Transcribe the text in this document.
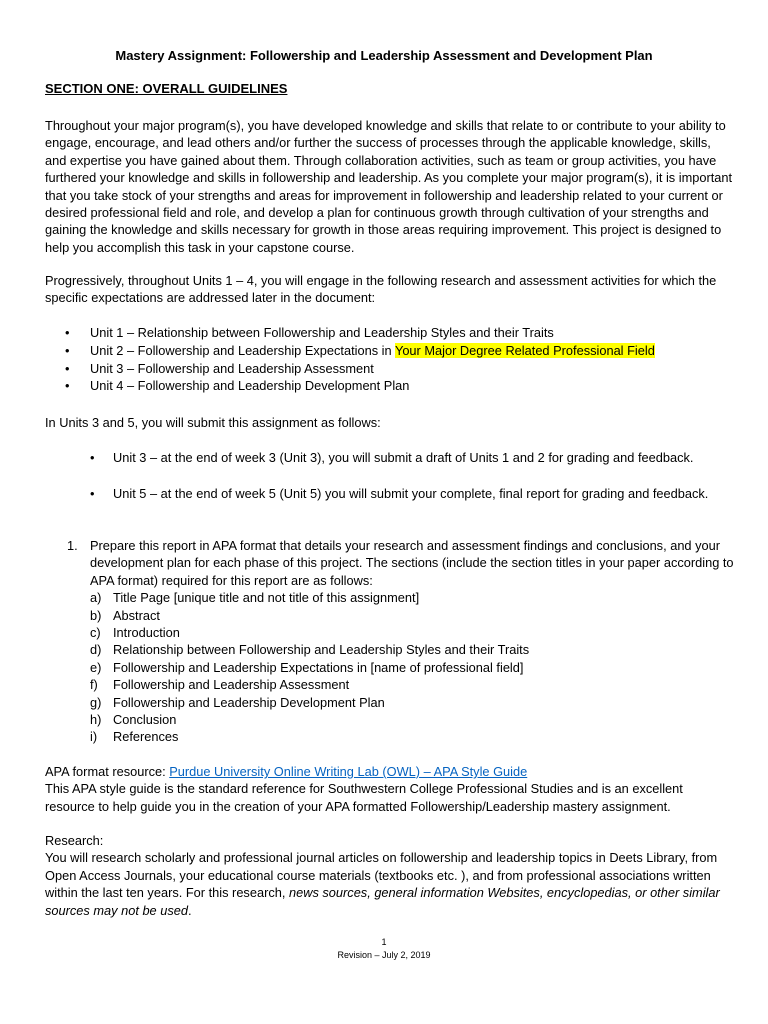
Mastery Assignment: Followership and Leadership Assessment and Development Plan
SECTION ONE: OVERALL GUIDELINES
Throughout your major program(s), you have developed knowledge and skills that relate to or contribute to your ability to engage, encourage, and lead others and/or further the success of processes through the applicable knowledge, skills, and expertise you have gained about them. Through collaboration activities, such as team or group activities, you have furthered your knowledge and skills in followership and leadership. As you complete your major program(s), it is important that you take stock of your strengths and areas for improvement in followership and leadership related to your current or desired professional field and role, and develop a plan for continuous growth through cultivation of your strengths and gaining the knowledge and skills necessary for growth in those areas requiring improvement. This project is designed to help you accomplish this task in your capstone course.
Progressively, throughout Units 1 – 4, you will engage in the following research and assessment activities for which the specific expectations are addressed later in the document:
• Unit 1 – Relationship between Followership and Leadership Styles and their Traits
• Unit 2 – Followership and Leadership Expectations in Your Major Degree Related Professional Field
• Unit 3 – Followership and Leadership Assessment
• Unit 4 – Followership and Leadership Development Plan
In Units 3 and 5, you will submit this assignment as follows:
• Unit 3 – at the end of week 3 (Unit 3), you will submit a draft of Units 1 and 2 for grading and feedback.
• Unit 5 – at the end of week 5 (Unit 5) you will submit your complete, final report for grading and feedback.
1. Prepare this report in APA format that details your research and assessment findings and conclusions, and your development plan for each phase of this project. The sections (include the section titles in your paper according to APA format) required for this report are as follows:
a) Title Page [unique title and not title of this assignment]
b) Abstract
c) Introduction
d) Relationship between Followership and Leadership Styles and their Traits
e) Followership and Leadership Expectations in [name of professional field]
f) Followership and Leadership Assessment
g) Followership and Leadership Development Plan
h) Conclusion
i) References
APA format resource: Purdue University Online Writing Lab (OWL) – APA Style Guide
This APA style guide is the standard reference for Southwestern College Professional Studies and is an excellent resource to help guide you in the creation of your APA formatted Followership/Leadership mastery assignment.
Research:
You will research scholarly and professional journal articles on followership and leadership topics in Deets Library, from Open Access Journals, your educational course materials (textbooks etc. ), and from professional associations written within the last ten years. For this research, news sources, general information Websites, encyclopedias, or other similar sources may not be used.
1
Revision – July 2, 2019
